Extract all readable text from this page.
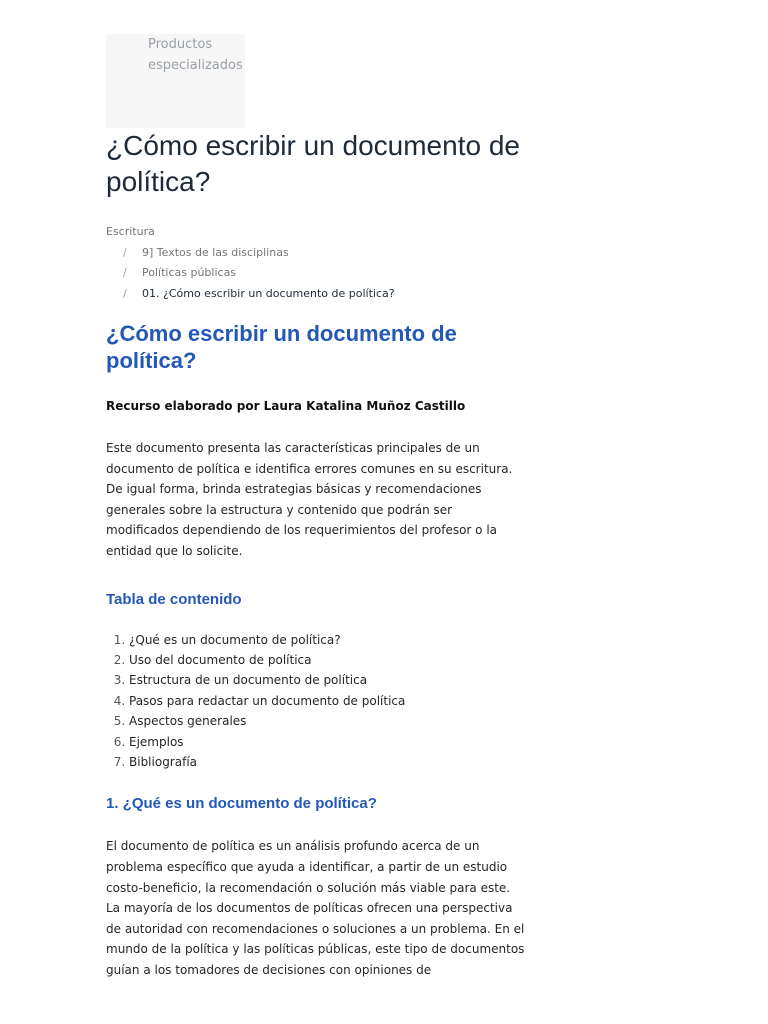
Productos
especializados
¿Cómo escribir un documento de política?
Escritura
/ 9] Textos de las disciplinas
/ Políticas públicas
/ 01. ¿Cómo escribir un documento de política?
¿Cómo escribir un documento de política?

Recurso elaborado por Laura Katalina Muñoz Castillo

Este documento presenta las características principales de un documento de política e identifica errores comunes en su escritura. De igual forma, brinda estrategias básicas y recomendaciones generales sobre la estructura y contenido que podrán ser modificados dependiendo de los requerimientos del profesor o la entidad que lo solicite.

Tabla de contenido
1. ¿Qué es un documento de política?
2. Uso del documento de política
3. Estructura de un documento de política
4. Pasos para redactar un documento de política
5. Aspectos generales
6. Ejemplos
7. Bibliografía
1. ¿Qué es un documento de política?

El documento de política es un análisis profundo acerca de un problema específico que ayuda a identificar, a partir de un estudio costo-beneficio, la recomendación o solución más viable para este. La mayoría de los documentos de políticas ofrecen una perspectiva de autoridad con recomendaciones o soluciones a un problema. En el mundo de la política y las políticas públicas, este tipo de documentos guían a los tomadores de decisiones con opiniones de
